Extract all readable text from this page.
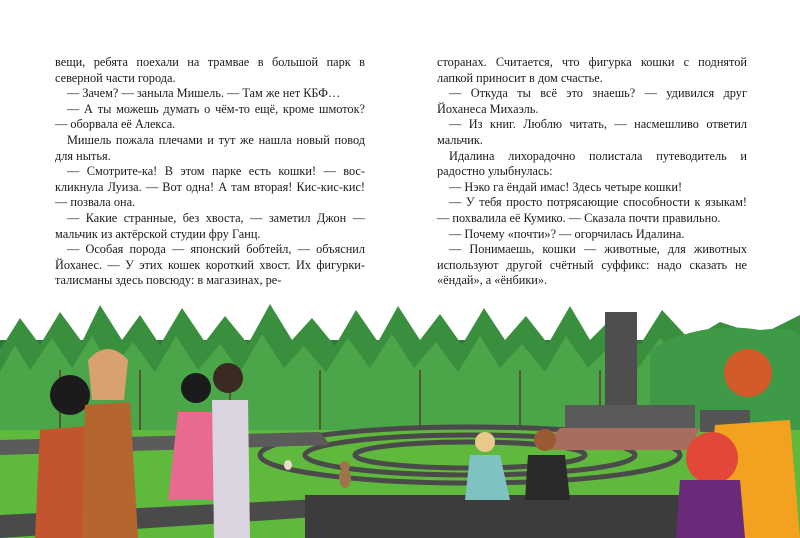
вещи, ребята поехали на трамвае в большой парк в северной части города.

— Зачем? — заныла Мишель. — Там же нет КБФ…

— А ты можешь думать о чём-то ещё, кроме шмоток? — оборвала её Алекса.

Мишель пожала плечами и тут же нашла новый повод для нытья.

— Смотрите-ка! В этом парке есть кошки! — воскликнула Луиза. — Вот одна! А там вторая! Кис-кис-кис! — позвала она.

— Какие странные, без хвоста, — заметил Джон — мальчик из актёрской студии фру Ганц.

— Особая порода — японский бобтейл, — объяснил Йоханес. — У этих кошек короткий хвост. Их фигурки-талисманы здесь повсюду: в магазинах, ре-

сторанах. Считается, что фигурка кошки с поднятой лапкой приносит в дом счастье.

— Откуда ты всё это знаешь? — удивился друг Йоханеса Михаэль.

— Из книг. Люблю читать, — насмешливо ответил мальчик.

Идалина лихорадочно полистала путеводитель и радостно улыбнулась:

— Нэко га ёндай имас! Здесь четыре кошки!

— У тебя просто потрясающие способности к языкам! — похвалила её Кумико. — Сказала почти правильно.

— Почему «почти»? — огорчилась Идалина.

— Понимаешь, кошки — животные, для животных используют другой счётный суффикс: надо сказать не «ёндай», а «ёнбики».
